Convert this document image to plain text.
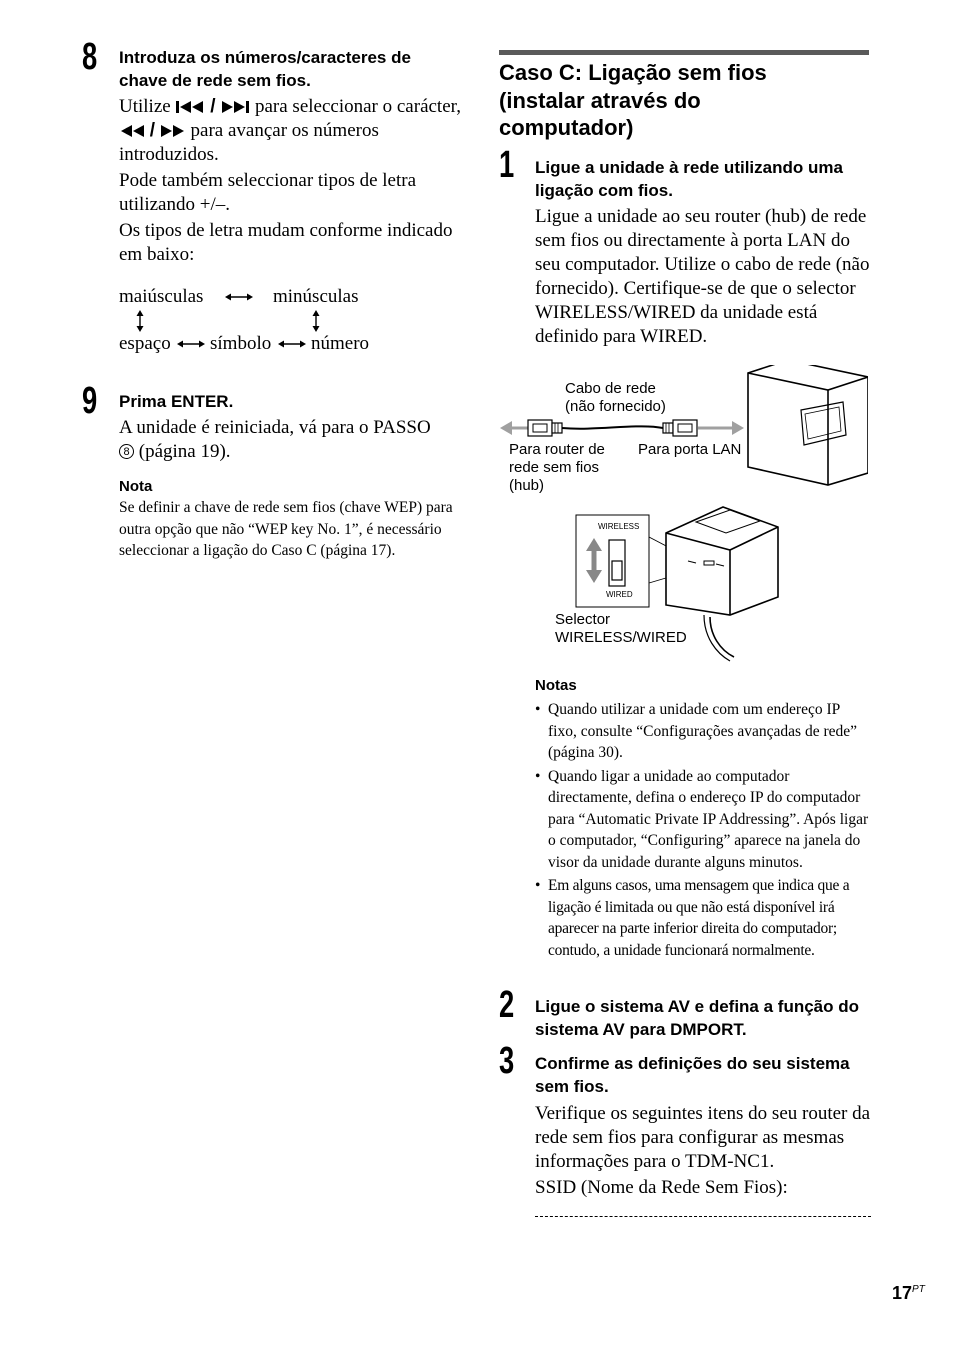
8 Introduza os números/caracteres de chave de rede sem fios.

Utilize / para seleccionar o carácter,  / para avançar os números introduzidos.

Pode também seleccionar tipos de letra utilizando +/–.

Os tipos de letra mudam conforme indicado em baixo:

maiúsculas	minúsculas
espaço símbolo número
9 Prima ENTER.
A unidade é reiniciada, vá para o PASSO
8 (página 19).
Nota
Se definir a chave de rede sem fios (chave WEP) para outra opção que não “WEP key No. 1”, é necessário seleccionar a ligação do Caso C (página 17).
Caso C: Ligação sem fios (instalar através do computador)
1 Ligue a unidade à rede utilizando uma ligação com fios.
Ligue a unidade ao seu router (hub) de rede sem fios ou directamente à porta LAN do seu computador. Utilize o cabo de rede (não fornecido). Certifique-se de que o selector WIRELESS/WIRED da unidade está definido para WIRED.
Cabo de rede
(não fornecido)
WIRELESS
WIRED
Para router de
rede sem fios
(hub)
Para porta LAN
Selector
WIRELESS/WIRED
Notas
• Quando utilizar a unidade com um endereço IP fixo, consulte “Configurações avançadas de rede” (página 30).
• Quando ligar a unidade ao computador directamente, defina o endereço IP do computador para “Automatic Private IP Addressing”. Após ligar o computador, “Configuring” aparece na janela do visor da unidade durante alguns minutos.
• Em alguns casos, uma mensagem que indica que a ligação é limitada ou que não está disponível irá aparecer na parte inferior direita do computador; contudo, a unidade funcionará normalmente.
2 Ligue o sistema AV e defina a função do sistema AV para DMPORT.
3 Confirme as definições do seu sistema sem fios.
Verifique os seguintes itens do seu router da rede sem fios para configurar as mesmas informações para o TDM-NC1.
SSID (Nome da Rede Sem Fios):
$17^{PT}$
